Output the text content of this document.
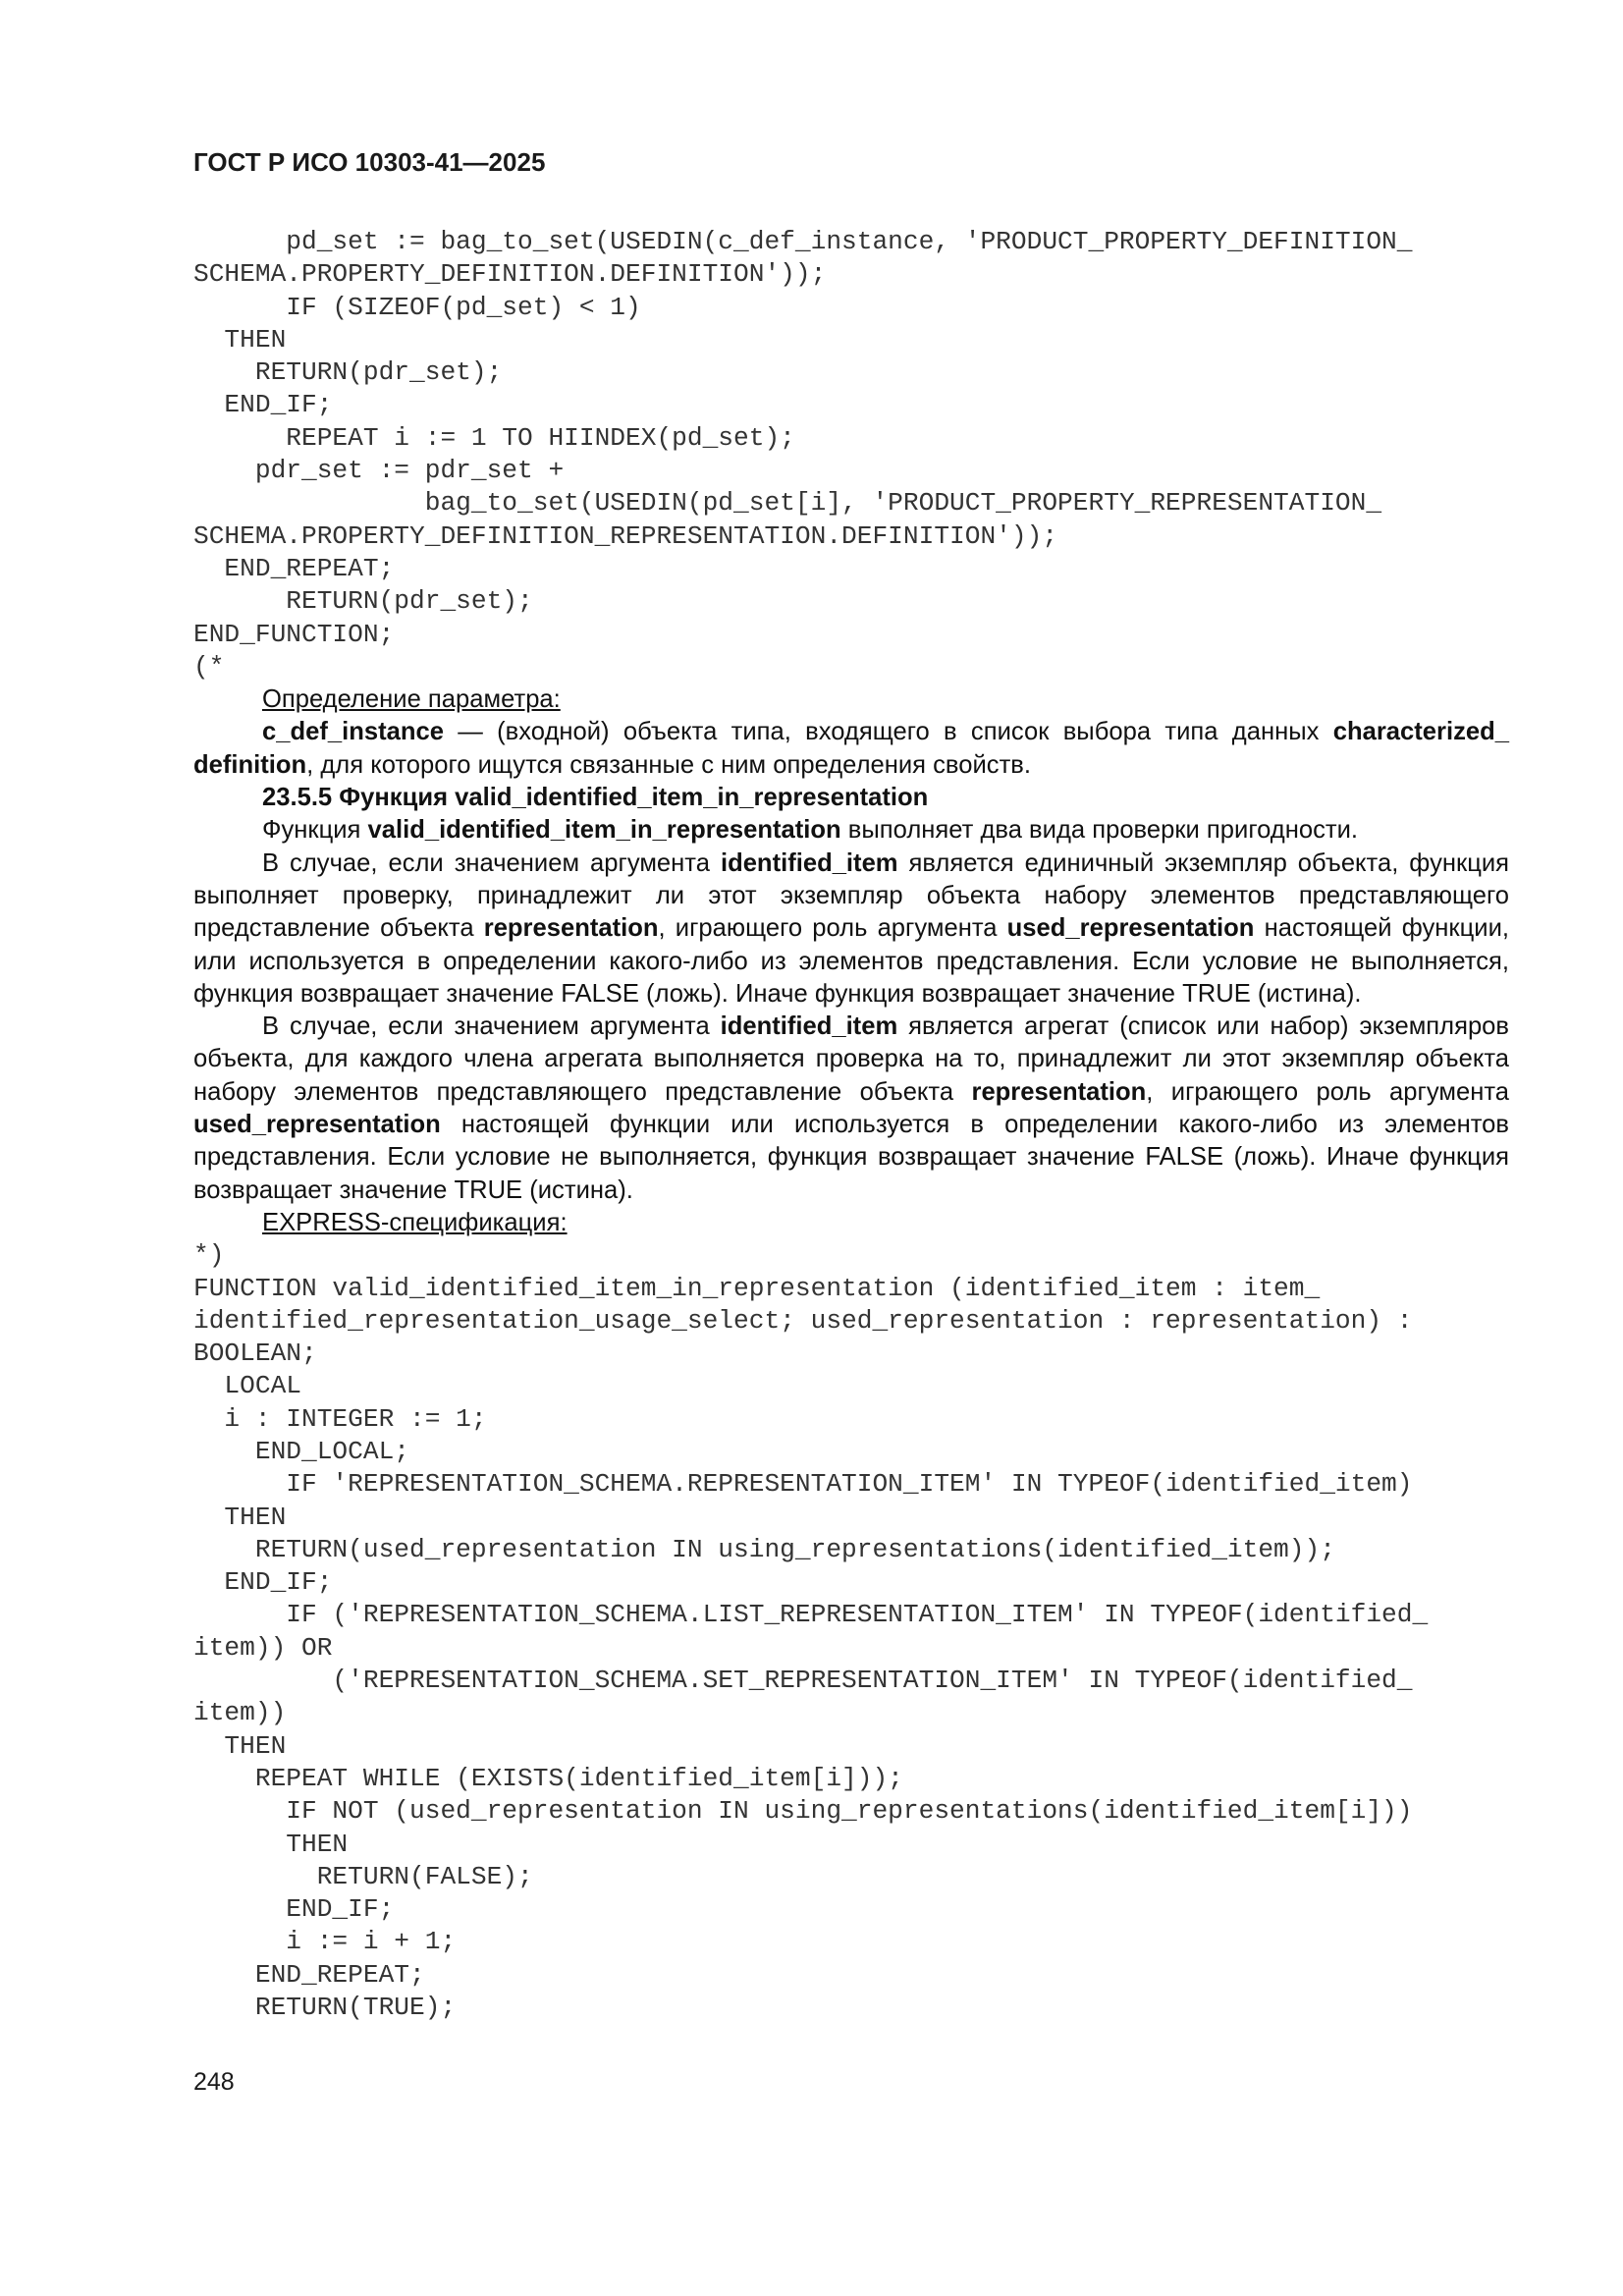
ГОСТ Р ИСО 10303-41—2025
pd_set := bag_to_set(USEDIN(c_def_instance, 'PRODUCT_PROPERTY_DEFINITION_
SCHEMA.PROPERTY_DEFINITION.DEFINITION'));
IF (SIZEOF(pd_set) < 1)
THEN
RETURN(pdr_set);
END_IF;
REPEAT i := 1 TO HIINDEX(pd_set);
pdr_set := pdr_set +
bag_to_set(USEDIN(pd_set[i], 'PRODUCT_PROPERTY_REPRESENTATION_
SCHEMA.PROPERTY_DEFINITION_REPRESENTATION.DEFINITION'));
END_REPEAT;
RETURN(pdr_set);
END_FUNCTION;
(*

Определение параметра:

c_def_instance — (входной) объекта типа, входящего в список выбора типа данных characterized_ definition, для которого ищутся связанные с ним определения свойств.

23.5.5 Функция valid_identified_item_in_representation

Функция valid_identified_item_in_representation выполняет два вида проверки пригодности.

В случае, если значением аргумента identified_item является единичный экземпляр объекта, функция выполняет проверку, принадлежит ли этот экземпляр объекта набору элементов представляющего представление объекта representation, играющего роль аргумента used_representation настоящей функции, или используется в определении какого-либо из элементов представления. Если условие не выполняется, функция возвращает значение FALSE (ложь). Иначе функция возвращает значение TRUE (истина).

В случае, если значением аргумента identified_item является агрегат (список или набор) экземпляров объекта, для каждого члена агрегата выполняется проверка на то, принадлежит ли этот экземпляр объекта набору элементов представляющего представление объекта representation, играющего роль аргумента used_representation настоящей функции или используется в определении какого-либо из элементов представления. Если условие не выполняется, функция возвращает значение FALSE (ложь). Иначе функция возвращает значение TRUE (истина).

EXPRESS-спецификация:

*)
FUNCTION valid_identified_item_in_representation (identified_item : item_
identified_representation_usage_select; used_representation : representation) :
BOOLEAN;
LOCAL
i : INTEGER := 1;
END_LOCAL;
IF 'REPRESENTATION_SCHEMA.REPRESENTATION_ITEM' IN TYPEOF(identified_item)
THEN
RETURN(used_representation IN using_representations(identified_item));
END_IF;
IF ('REPRESENTATION_SCHEMA.LIST_REPRESENTATION_ITEM' IN TYPEOF(identified_
item)) OR
('REPRESENTATION_SCHEMA.SET_REPRESENTATION_ITEM' IN TYPEOF(identified_
item))
THEN
REPEAT WHILE (EXISTS(identified_item[i]));
IF NOT (used_representation IN using_representations(identified_item[i]))
THEN
RETURN(FALSE);
END_IF;
i := i + 1;
END_REPEAT;
RETURN(TRUE);

248
